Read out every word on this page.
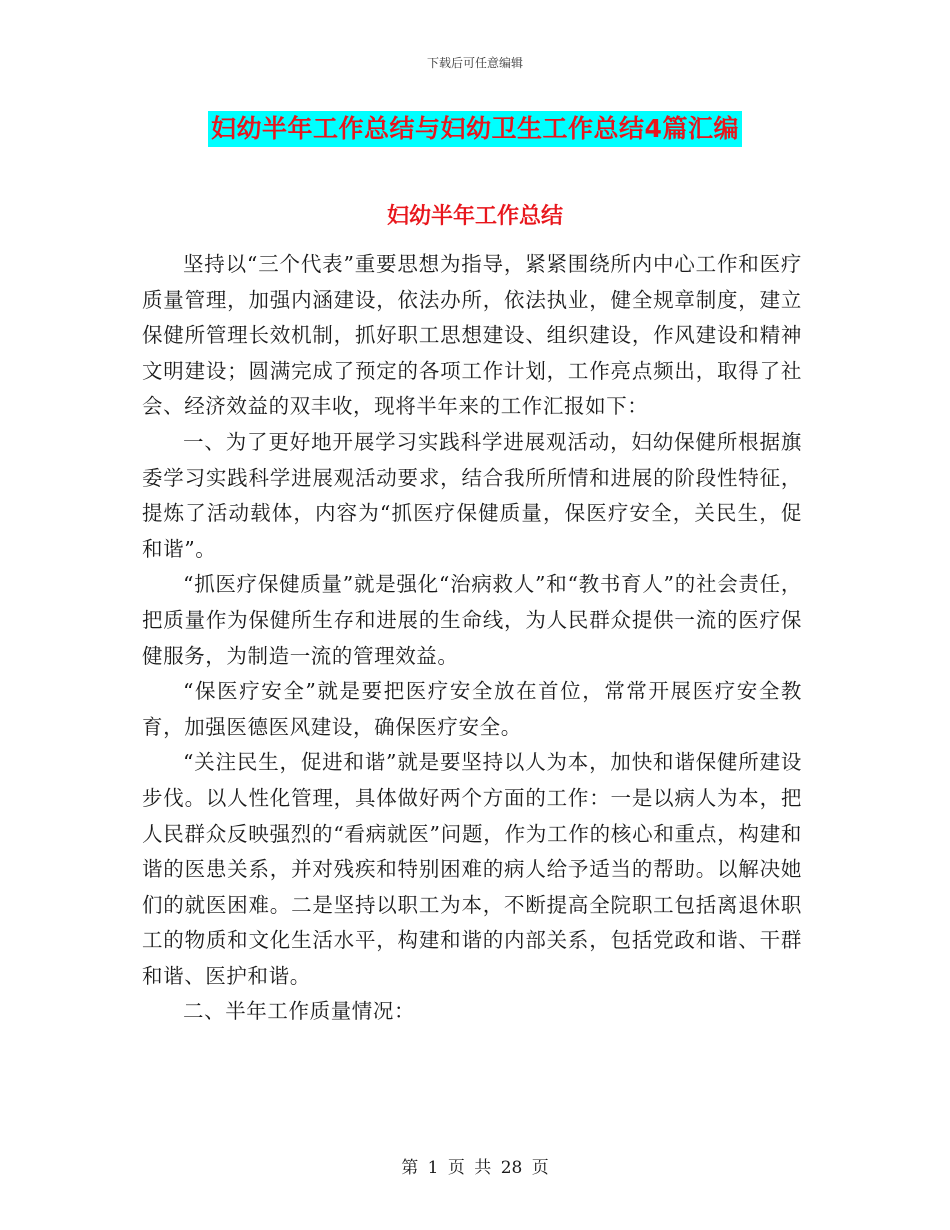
下载后可任意编辑
妇幼半年工作总结与妇幼卫生工作总结4篇汇编
妇幼半年工作总结

坚持以“三个代表”重要思想为指导，紧紧围绕所内中心工作和医疗质量管理，加强内涵建设，依法办所，依法执业，健全规章制度，建立保健所管理长效机制，抓好职工思想建设、组织建设，作风建设和精神文明建设；圆满完成了预定的各项工作计划，工作亮点频出，取得了社会、经济效益的双丰收，现将半年来的工作汇报如下：

一、为了更好地开展学习实践科学进展观活动，妇幼保健所根据旗委学习实践科学进展观活动要求，结合我所所情和进展的阶段性特征，提炼了活动载体，内容为“抓医疗保健质量，保医疗安全，关民生，促和谐”。

“抓医疗保健质量”就是强化“治病救人”和“教书育人”的社会责任，把质量作为保健所生存和进展的生命线，为人民群众提供一流的医疗保健服务，为制造一流的管理效益。

“保医疗安全”就是要把医疗安全放在首位，常常开展医疗安全教育，加强医德医风建设，确保医疗安全。

“关注民生，促进和谐”就是要坚持以人为本，加快和谐保健所建设步伐。以人性化管理，具体做好两个方面的工作：一是以病人为本，把人民群众反映强烈的“看病就医”问题，作为工作的核心和重点，构建和谐的医患关系，并对残疾和特别困难的病人给予适当的帮助。以解决她们的就医困难。二是坚持以职工为本，不断提高全院职工包括离退休职工的物质和文化生活水平，构建和谐的内部关系，包括党政和谐、干群和谐、医护和谐。

二、半年工作质量情况：

第 1 页 共 28 页
